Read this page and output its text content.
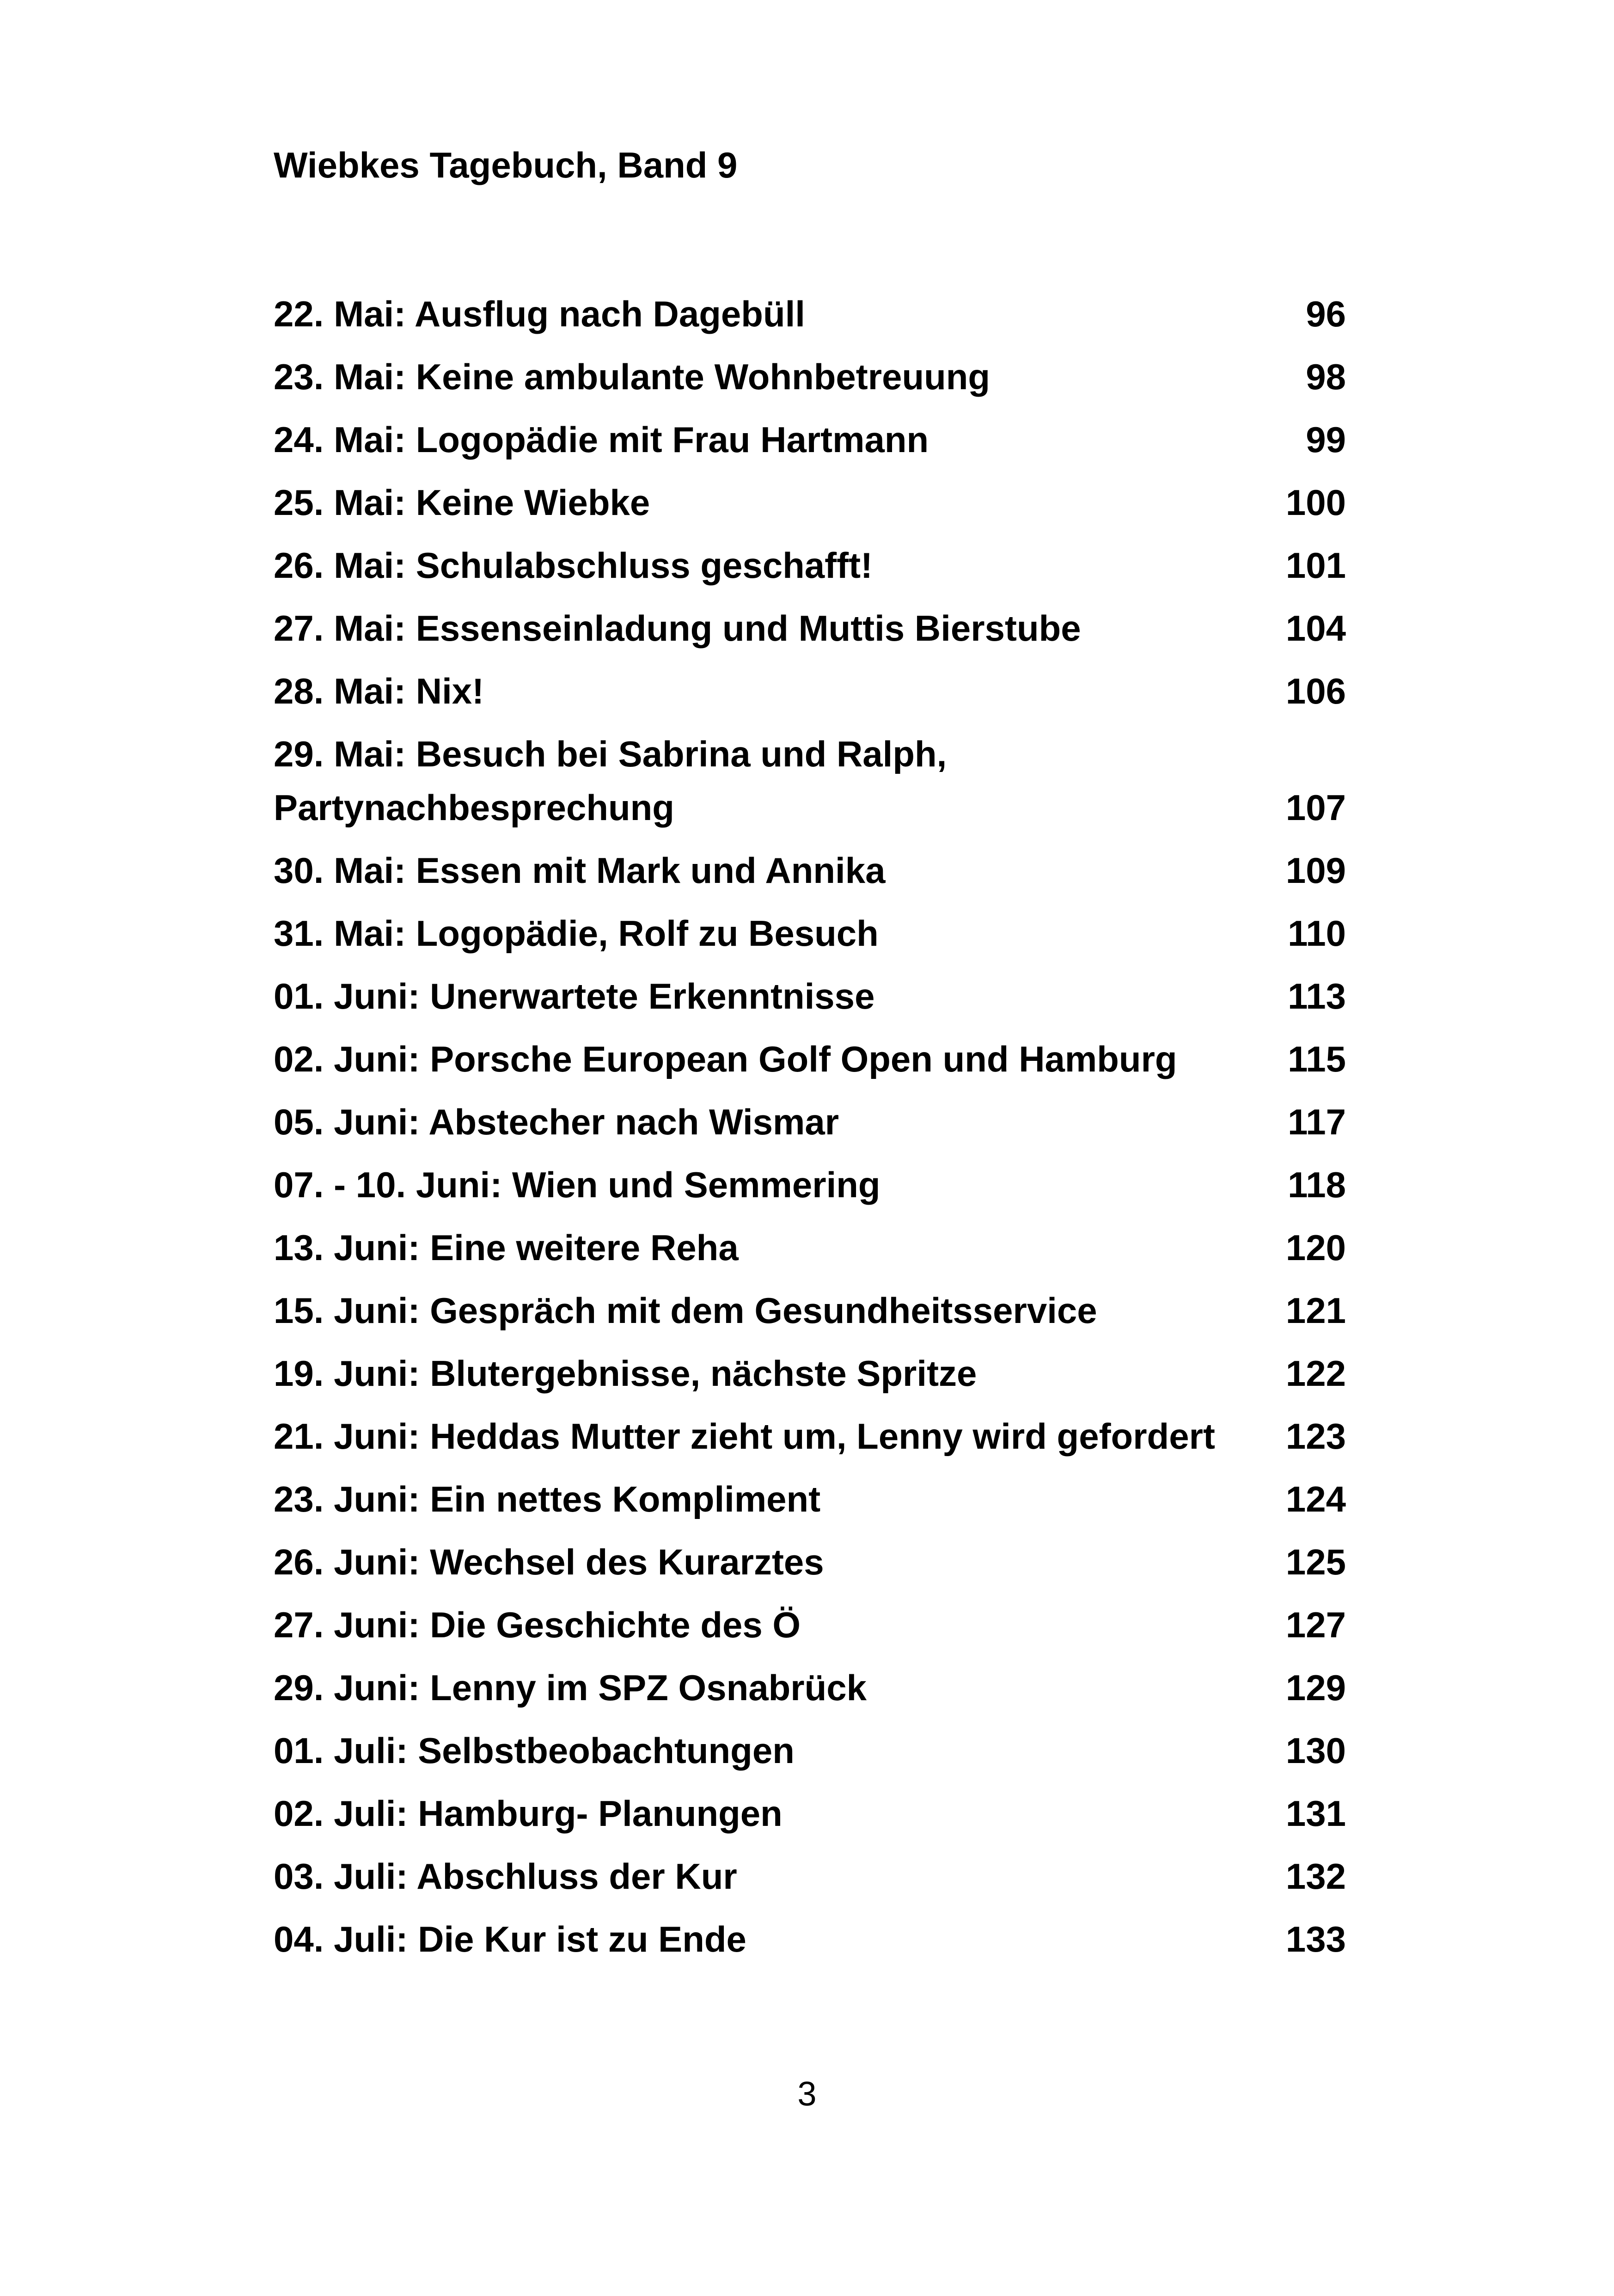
Wiebkes Tagebuch, Band 9
22. Mai: Ausflug nach Dagebüll	96
23. Mai: Keine ambulante Wohnbetreuung	98
24. Mai: Logopädie mit Frau Hartmann	99
25. Mai: Keine Wiebke	100
26. Mai: Schulabschluss geschafft!	101
27. Mai: Essenseinladung und Muttis Bierstube	104
28. Mai: Nix!	106
29. Mai: Besuch bei Sabrina und Ralph, Partynachbesprechung	107
30. Mai: Essen mit Mark und Annika	109
31. Mai: Logopädie, Rolf zu Besuch	110
01. Juni: Unerwartete Erkenntnisse	113
02. Juni: Porsche European Golf Open und Hamburg	115
05. Juni: Abstecher nach Wismar	117
07. - 10. Juni: Wien und Semmering	118
13. Juni: Eine weitere Reha	120
15. Juni: Gespräch mit dem Gesundheitsservice	121
19. Juni: Blutergebnisse, nächste Spritze	122
21. Juni: Heddas Mutter zieht um, Lenny wird gefordert 123
23. Juni: Ein nettes Kompliment	124
26. Juni: Wechsel des Kurarztes	125
27. Juni: Die Geschichte des Ö	127
29. Juni: Lenny im SPZ Osnabrück	129
01. Juli: Selbstbeobachtungen	130
02. Juli: Hamburg- Planungen	131
03. Juli: Abschluss der Kur	132
04. Juli: Die Kur ist zu Ende	133
3
